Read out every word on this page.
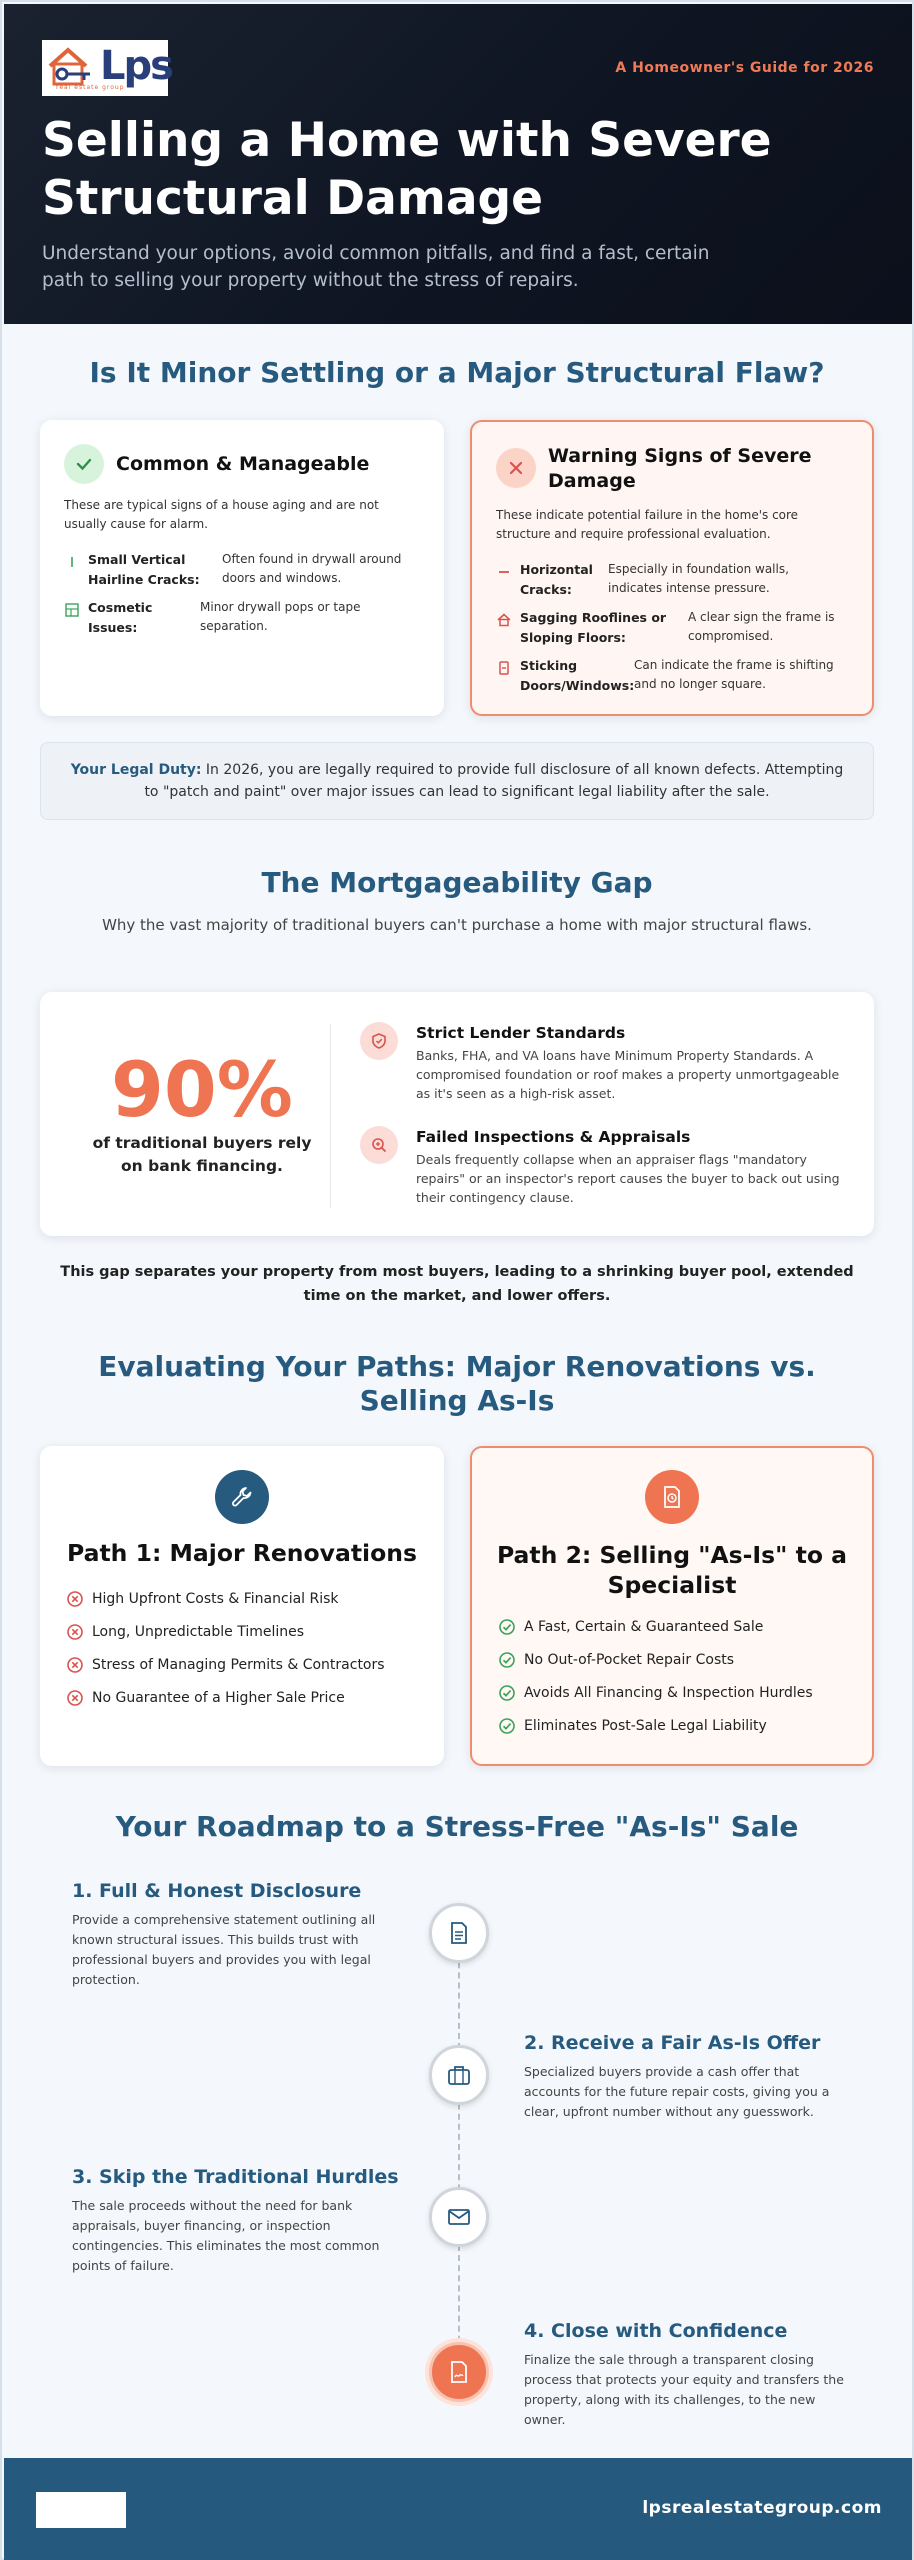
Lps
real estate group
A Homeowner's Guide for 2026
Selling a Home with Severe Structural Damage
Understand your options, avoid common pitfalls, and find a fast, certain path to selling your property without the stress of repairs.
Is It Minor Settling or a Major Structural Flaw?
Common & Manageable
These are typical signs of a house aging and are not usually cause for alarm.
Small Vertical Hairline Cracks:
Often found in drywall around doors and windows.
Cosmetic Issues:
Minor drywall pops or tape separation.
Warning Signs of Severe Damage
These indicate potential failure in the home's core structure and require professional evaluation.
Horizontal Cracks:
Especially in foundation walls, indicates intense pressure.
Sagging Rooflines or Sloping Floors:
A clear sign the frame is compromised.
Sticking Doors/Windows:
Can indicate the frame is shifting and no longer square.
Your Legal Duty: In 2026, you are legally required to provide full disclosure of all known defects. Attempting to "patch and paint" over major issues can lead to significant legal liability after the sale.
The Mortgageability Gap
Why the vast majority of traditional buyers can't purchase a home with major structural flaws.
90%
of traditional buyers rely on bank financing.
Strict Lender Standards
Banks, FHA, and VA loans have Minimum Property Standards. A compromised foundation or roof makes a property unmortgageable as it's seen as a high-risk asset.
Failed Inspections & Appraisals
Deals frequently collapse when an appraiser flags "mandatory repairs" or an inspector's report causes the buyer to back out using their contingency clause.
This gap separates your property from most buyers, leading to a shrinking buyer pool, extended time on the market, and lower offers.
Evaluating Your Paths: Major Renovations vs. Selling As-Is
Path 1: Major Renovations	Path 2: Selling "As-Is" to a Specialist
High Upfront Costs & Financial Risk
Long, Unpredictable Timelines
Stress of Managing Permits & Contractors
No Guarantee of a Higher Sale Price
A Fast, Certain & Guaranteed Sale
No Out-of-Pocket Repair Costs
Avoids All Financing & Inspection Hurdles
Eliminates Post-Sale Legal Liability
Your Roadmap to a Stress-Free "As-Is" Sale
1. Full & Honest Disclosure
Provide a comprehensive statement outlining all known structural issues. This builds trust with professional buyers and provides you with legal protection.
2. Receive a Fair As-Is Offer
Specialized buyers provide a cash offer that accounts for the future repair costs, giving you a clear, upfront number without any guesswork.
3. Skip the Traditional Hurdles
The sale proceeds without the need for bank appraisals, buyer financing, or inspection contingencies. This eliminates the most common points of failure.
4. Close with Confidence
Finalize the sale through a transparent closing process that protects your equity and transfers the property, along with its challenges, to the new owner.
lpsrealestategroup.com
